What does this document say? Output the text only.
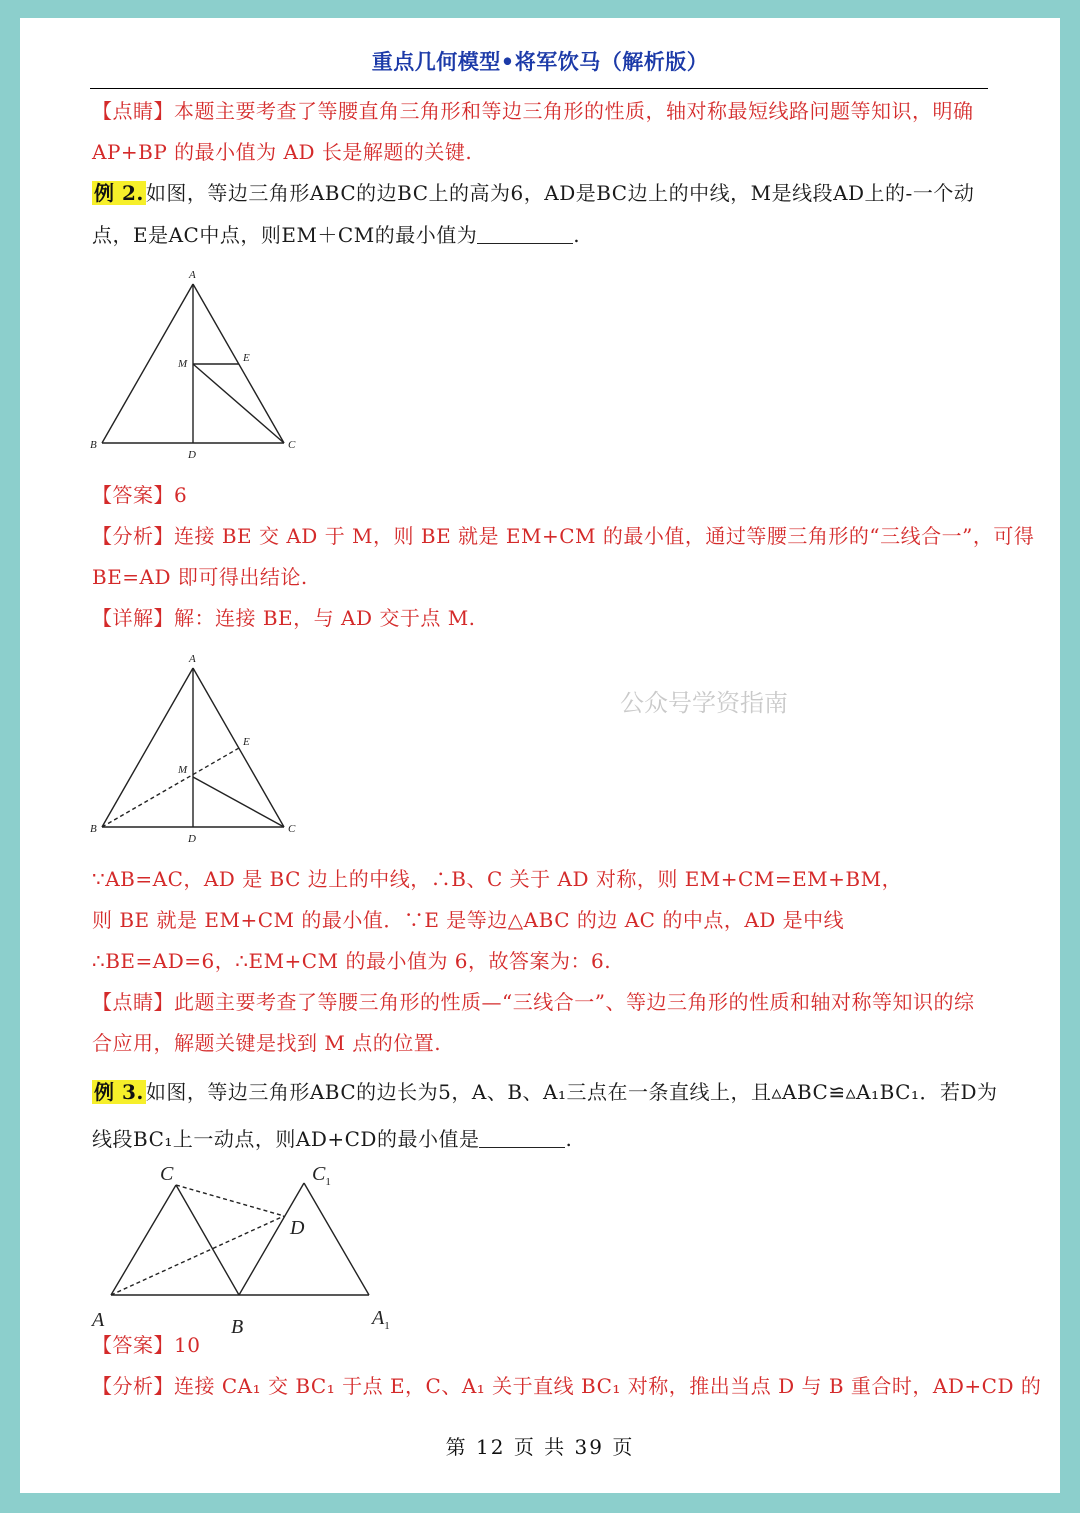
重点几何模型•将军饮马（解析版）
【点睛】本题主要考查了等腰直角三角形和等边三角形的性质，轴对称最短线路问题等知识，明确
AP+BP 的最小值为 AD 长是解题的关键.
例 2. 如图，等边三角形ABC的边BC上的高为6，AD是BC边上的中线，M是线段AD上的-一个动
点，E是AC中点，则EM＋CM的最小值为	.
A
B	C
D
M	E
【答案】6
【分析】连接 BE 交 AD 于 M，则 BE 就是 EM+CM 的最小值，通过等腰三角形的“三线合一”，可得
BE=AD 即可得出结论.
【详解】解：连接 BE，与 AD 交于点 M.
A
B	C
D
M
E
公众号学资指南
∵AB=AC，AD 是 BC 边上的中线，∴B、C 关于 AD 对称，则 EM+CM=EM+BM，
则 BE 就是 EM+CM 的最小值．∵E 是等边△ABC 的边 AC 的中点，AD 是中线
∴BE=AD=6，∴EM+CM 的最小值为 6，故答案为：6.
【点睛】此题主要考查了等腰三角形的性质—“三线合一”、等边三角形的性质和轴对称等知识的综
合应用，解题关键是找到 M 点的位置.
例 3. 如图，等边三角形ABC的边长为5，A、B、A₁三点在一条直线上，且▵ABC≌▵A₁BC₁．若D为
线段BC₁上一动点，则AD+CD的最小值是	.
C	$C_1$
D
A	B	$A_1$
【答案】10
【分析】连接 CA₁ 交 BC₁ 于点 E，C、A₁ 关于直线 BC₁ 对称，推出当点 D 与 B 重合时，AD+CD 的
第 12 页 共 39 页
